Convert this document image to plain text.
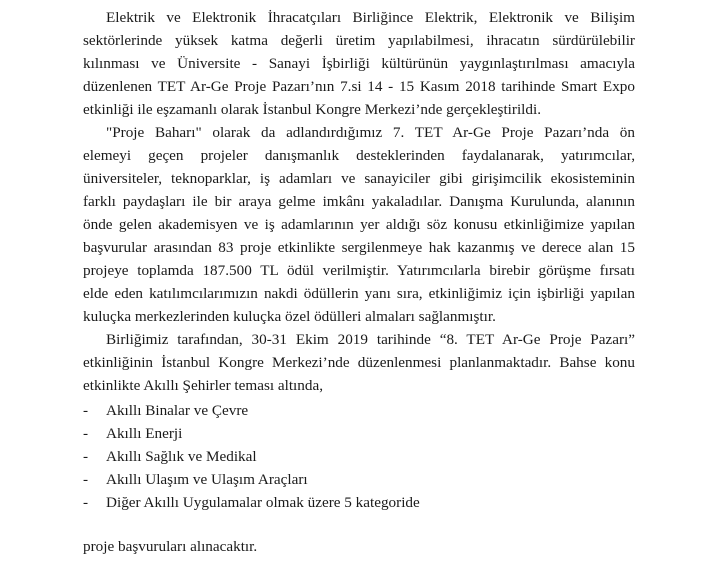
Elektrik ve Elektronik İhracatçıları Birliğince Elektrik, Elektronik ve Bilişim
sektörlerinde yüksek katma değerli üretim yapılabilmesi, ihracatın sürdürülebilir
kılınması ve Üniversite - Sanayi İşbirliği kültürünün yaygınlaştırılması amacıyla
düzenlenen TET Ar-Ge Proje Pazarı’nın 7.si 14 - 15 Kasım 2018 tarihinde Smart Expo
etkinliği ile eşzamanlı olarak İstanbul Kongre Merkezi’nde gerçekleştirildi.
"Proje Baharı" olarak da adlandırdığımız 7. TET Ar-Ge Proje Pazarı’nda ön
elemeyi geçen projeler danışmanlık desteklerinden faydalanarak, yatırımcılar,
üniversiteler, teknoparklar, iş adamları ve sanayiciler gibi girişimcilik ekosisteminin
farklı paydaşları ile bir araya gelme imkânı yakaladılar. Danışma Kurulunda, alanının
önde gelen akademisyen ve iş adamlarının yer aldığı söz konusu etkinliğimize yapılan
başvurular arasından 83 proje etkinlikte sergilenmeye hak kazanmış ve derece alan 15
projeye toplamda 187.500 TL ödül verilmiştir. Yatırımcılarla birebir görüşme fırsatı
elde eden katılımcılarımızın nakdi ödüllerin yanı sıra, etkinliğimiz için işbirliği yapılan
kuluçka merkezlerinden kuluçka özel ödülleri almaları sağlanmıştır.
Birliğimiz tarafından, 30-31 Ekim 2019 tarihinde “8. TET Ar-Ge Proje Pazarı”
etkinliğinin İstanbul Kongre Merkezi’nde düzenlenmesi planlanmaktadır. Bahse konu
etkinlikte Akıllı Şehirler teması altında,
- Akıllı Binalar ve Çevre
- Akıllı Enerji
- Akıllı Sağlık ve Medikal
- Akıllı Ulaşım ve Ulaşım Araçları
- Diğer Akıllı Uygulamalar olmak üzere 5 kategoride
proje başvuruları alınacaktır.
